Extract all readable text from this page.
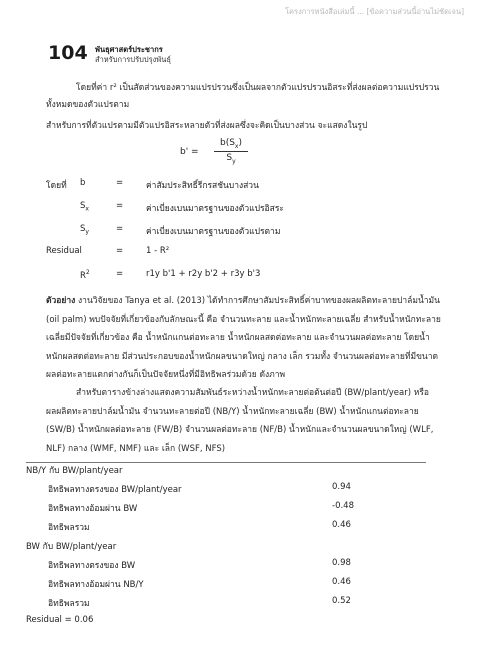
โครงการหนังสือเล่มนี้ ... [ข้อความส่วนนี้อ่านไม่ชัดเจน]
104 พันธุศาสตร์ประชากร
สำหรับการปรับปรุงพันธุ์
โดยที่ค่า r² เป็นสัดส่วนของความแปรปรวนซึ่งเป็นผลจากตัวแปรปรวนอิสระที่ส่งผลต่อความแปรปรวนทั้งหมดของตัวแปรตาม
สำหรับการที่ตัวแปรตามมีตัวแปรอิสระหลายตัวที่ส่งผลซึ่งจะคิดเป็นบางส่วน จะแสดงในรูป
$b' = \frac{b(S_x)}{S_y}$
โดยที่ b	=	ค่าสัมประสิทธิ์รีกรสชันบางส่วน
$S_x$	=	ค่าเบี่ยงเบนมาตรฐานของตัวแปรอิสระ
$S_y$	=	ค่าเบี่ยงเบนมาตรฐานของตัวแปรตาม
Residual	=	1 - R²
$R^2$	=	r1y b'1 + r2y b'2 + r3y b'3
ตัวอย่าง งานวิจัยของ Tanya et al. (2013) ได้ทำการศึกษาสัมประสิทธิ์ค่าบาทของผลผลิตทะลายปาล์มน้ำมัน (oil palm) พบปัจจัยที่เกี่ยวข้องกับลักษณะนี้ คือ จำนวนทะลาย และน้ำหนักทะลายเฉลี่ย สำหรับน้ำหนักทะลายเฉลี่ยมีปัจจัยที่เกี่ยวข้อง คือ น้ำหนักแกนต่อทะลาย น้ำหนักผลสดต่อทะลาย และจำนวนผลต่อทะลาย โดยน้ำหนักผลสดต่อทะลาย มีส่วนประกอบของน้ำหนักผลขนาดใหญ่ กลาง เล็ก รวมทั้ง จำนวนผลต่อทะลายที่มีขนาดผลต่อทะลายแตกต่างกันก็เป็นปัจจัยหนึ่งที่มีอิทธิพลร่วมด้วย ดังภาพ
สำหรับตารางข้างล่างแสดงความสัมพันธ์ระหว่างน้ำหนักทะลายต่อต้นต่อปี (BW/plant/year) หรือผลผลิตทะลายปาล์มน้ำมัน จำนวนทะลายต่อปี (NB/Y) น้ำหนักทะลายเฉลี่ย (BW) น้ำหนักแกนต่อทะลาย (SW/B) น้ำหนักผลต่อทะลาย (FW/B) จำนวนผลต่อทะลาย (NF/B) น้ำหนักและจำนวนผลขนาดใหญ่ (WLF, NLF) กลาง (WMF, NMF) และ เล็ก (WSF, NFS)
NB/Y กับ BW/plant/year
อิทธิพลทางตรงของ BW/plant/year	0.94
อิทธิพลทางอ้อมผ่าน BW	-0.48
อิทธิพลรวม	0.46
BW กับ BW/plant/year
อิทธิพลทางตรงของ BW	0.98
อิทธิพลทางอ้อมผ่าน NB/Y	0.46
อิทธิพลรวม	0.52
Residual = 0.06
